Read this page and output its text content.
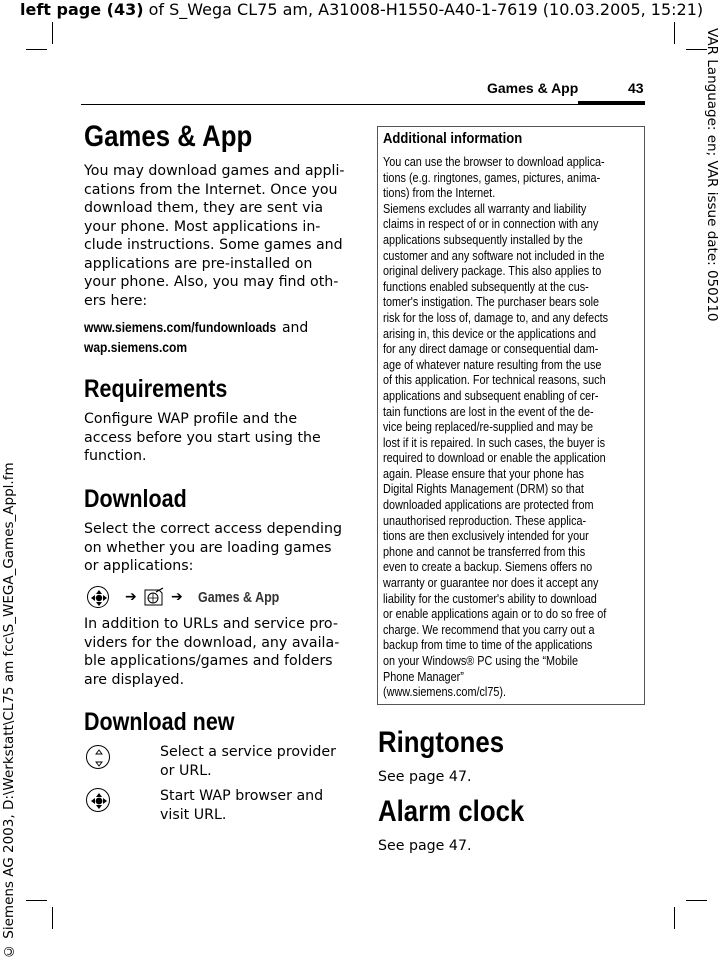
left page (43) of S_Wega CL75 am, A31008-H1550-A40-1-7619 (10.03.2005, 15:21)
VAR Language: en; VAR issue date: 050210
© Siemens AG 2003, D:\Werkstatt\CL75 am fcc\S_WEGA_Games_Appl.fm
Games & App	43
Games & App
You may download games and appli-
cations from the Internet. Once you
download them, they are sent via
your phone. Most applications in-
clude instructions. Some games and
applications are pre-installed on
your phone. Also, you may find oth-
ers here:
www.siemens.com/fundownloads and
wap.siemens.com
Requirements
Configure WAP profile and the
access before you start using the
function.
Download
Select the correct access depending
on whether you are loading games
or applications:
➔ ➔ Games & App
In addition to URLs and service pro-
viders for the download, any availa-
ble applications/games and folders
are displayed.
Download new
Select a service provider
or URL.
Start WAP browser and
visit URL.
Additional information
You can use the browser to download applica-
tions (e.g. ringtones, games, pictures, anima-
tions) from the Internet.
Siemens excludes all warranty and liability
claims in respect of or in connection with any
applications subsequently installed by the
customer and any software not included in the
original delivery package. This also applies to
functions enabled subsequently at the cus-
tomer's instigation. The purchaser bears sole
risk for the loss of, damage to, and any defects
arising in, this device or the applications and
for any direct damage or consequential dam-
age of whatever nature resulting from the use
of this application. For technical reasons, such
applications and subsequent enabling of cer-
tain functions are lost in the event of the de-
vice being replaced/re-supplied and may be
lost if it is repaired. In such cases, the buyer is
required to download or enable the application
again. Please ensure that your phone has
Digital Rights Management (DRM) so that
downloaded applications are protected from
unauthorised reproduction. These applica-
tions are then exclusively intended for your
phone and cannot be transferred from this
even to create a backup. Siemens offers no
warranty or guarantee nor does it accept any
liability for the customer's ability to download
or enable applications again or to do so free of
charge. We recommend that you carry out a
backup from time to time of the applications
on your Windows® PC using the “Mobile
Phone Manager”
(www.siemens.com/cl75).
Ringtones
See page 47.
Alarm clock
See page 47.
